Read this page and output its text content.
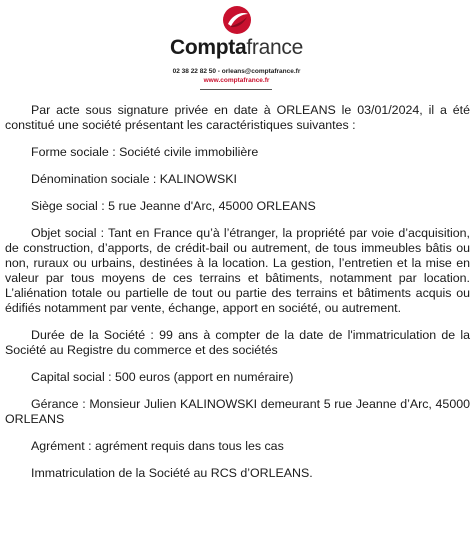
Comptafrance
02 38 22 82 50 - orleans@comptafrance.fr
www.comptafrance.fr

Par acte sous signature privée en date à ORLEANS le 03/01/2024, il a été constitué une société présentant les caractéristiques suivantes :

Forme sociale : Société civile immobilière

Dénomination sociale : KALINOWSKI

Siège social : 5 rue Jeanne d'Arc, 45000 ORLEANS

Objet social : Tant en France qu’à l’étranger, la propriété par voie d’acquisition, de construction, d’apports, de crédit-bail ou autrement, de tous immeubles bâtis ou non, ruraux ou urbains, destinées à la location. La gestion, l’entretien et la mise en valeur par tous moyens de ces terrains et bâtiments, notamment par location. L’aliénation totale ou partielle de tout ou partie des terrains et bâtiments acquis ou édifiés notamment par vente, échange, apport en société, ou autrement.

Durée de la Société : 99 ans à compter de la date de l'immatriculation de la Société au Registre du commerce et des sociétés

Capital social : 500 euros (apport en numéraire)

Gérance : Monsieur Julien KALINOWSKI demeurant 5 rue Jeanne d’Arc, 45000 ORLEANS

Agrément : agrément requis dans tous les cas

Immatriculation de la Société au RCS d’ORLEANS.
